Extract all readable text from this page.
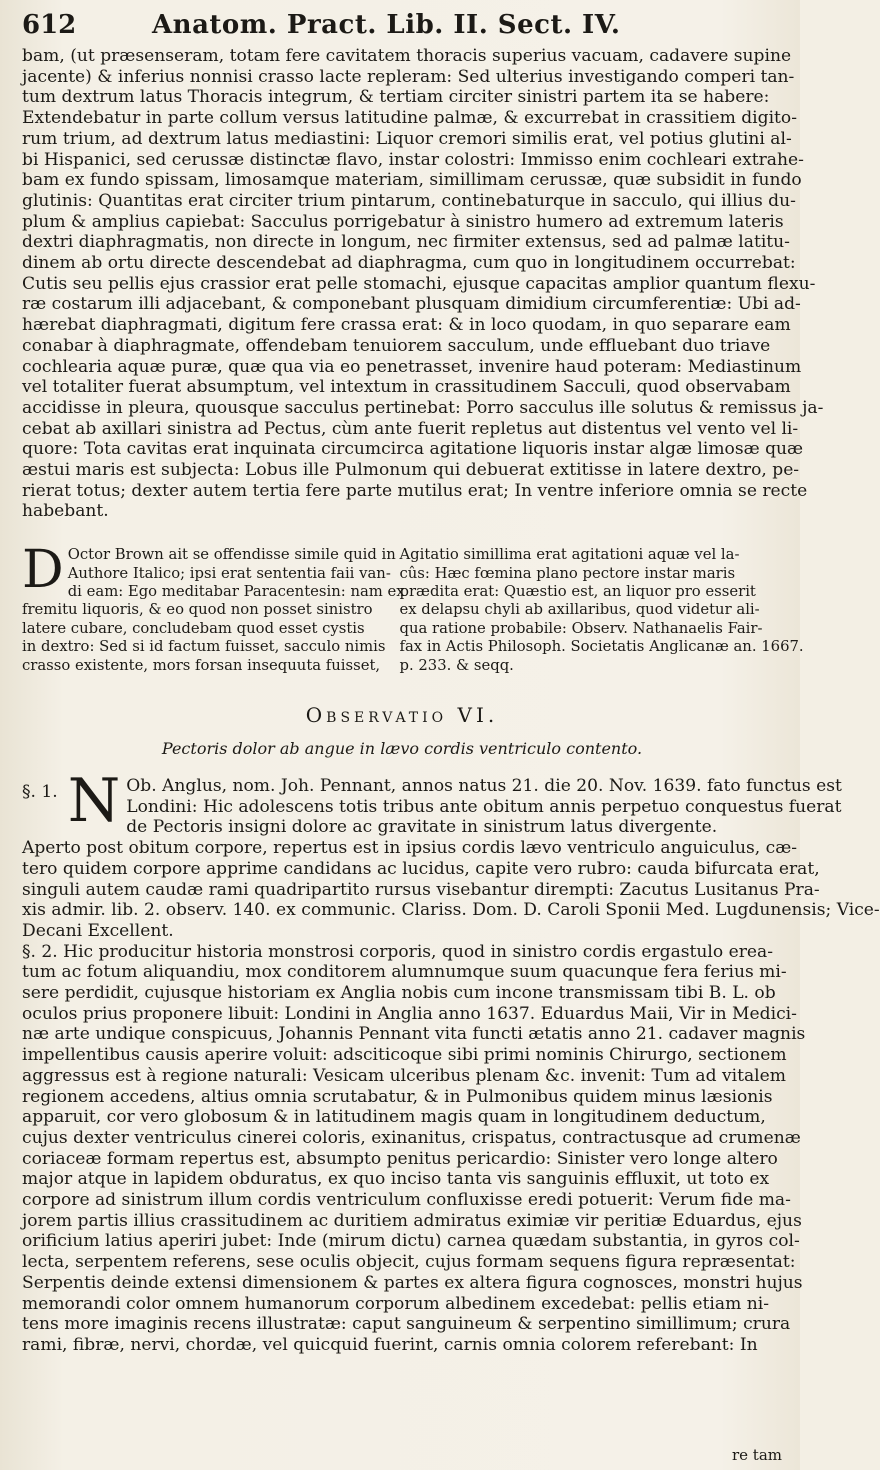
612	Anatom. Pract. Lib. II. Sect. IV.
bam, (ut præsenseram, totam fere cavitatem thoracis superius vacuam, cadavere supine
jacente) & inferius nonnisi crasso lacte repleram: Sed ulterius investigando comperi tan-
tum dextrum latus Thoracis integrum, & tertiam circiter sinistri partem ita se habere:
Extendebatur in parte collum versus latitudine palmæ, & excurrebat in crassitiem digito-
rum trium, ad dextrum latus mediastini: Liquor cremori similis erat, vel potius glutini al-
bi Hispanici, sed cerussæ distinctæ flavo, instar colostri: Immisso enim cochleari extrahe-
bam ex fundo spissam, limosamque materiam, simillimam cerussæ, quæ subsidit in fundo
glutinis: Quantitas erat circiter trium pintarum, continebaturque in sacculo, qui illius du-
plum & amplius capiebat: Sacculus porrigebatur à sinistro humero ad extremum lateris
dextri diaphragmatis, non directe in longum, nec firmiter extensus, sed ad palmæ latitu-
dinem ab ortu directe descendebat ad diaphragma, cum quo in longitudinem occurrebat:
Cutis seu pellis ejus crassior erat pelle stomachi, ejusque capacitas amplior quantum flexu-
ræ costarum illi adjacebant, & componebant plusquam dimidium circumferentiæ: Ubi ad-
hærebat diaphragmati, digitum fere crassa erat: & in loco quodam, in quo separare eam
conabar à diaphragmate, offendebam tenuiorem sacculum, unde effluebant duo triave
cochlearia aquæ puræ, quæ qua via eo penetrasset, invenire haud poteram: Mediastinum
vel totaliter fuerat absumptum, vel intextum in crassitudinem Sacculi, quod observabam
accidisse in pleura, quousque sacculus pertinebat: Porro sacculus ille solutus & remissus ja-
cebat ab axillari sinistra ad Pectus, cùm ante fuerit repletus aut distentus vel vento vel li-
quore: Tota cavitas erat inquinata circumcirca agitatione liquoris instar algæ limosæ quæ
æstui maris est subjecta: Lobus ille Pulmonum qui debuerat extitisse in latere dextro, pe-
rierat totus; dexter autem tertia fere parte mutilus erat; In ventre inferiore omnia se recte
habebant.
D Octor Brown ait se offendisse simile quid in
Authore Italico; ipsi erat sententia faii van-
di eam: Ego meditabar Paracentesin: nam ex
fremitu liquoris, & eo quod non posset sinistro
latere cubare, concludebam quod esset cystis
in dextro: Sed si id factum fuisset, sacculo nimis
crasso existente, mors forsan insequuta fuisset,
Agitatio simillima erat agitationi aquæ vel la-
cûs: Hæc fœmina plano pectore instar maris
prædita erat: Quæstio est, an liquor pro esserit
ex delapsu chyli ab axillaribus, quod videtur ali-
qua ratione probabile: Observ. Nathanaelis Fair-
fax in Actis Philosoph. Societatis Anglicanæ an. 1667.
p. 233. & seqq.
Observatio VI.
Pectoris dolor ab angue in lævo cordis ventriculo contento.
§. 1. N Ob. Anglus, nom. Joh. Pennant, annos natus 21. die 20. Nov. 1639. fato functus est
Londini: Hic adolescens totis tribus ante obitum annis perpetuo conquestus fuerat
de Pectoris insigni dolore ac gravitate in sinistrum latus divergente.
Aperto post obitum corpore, repertus est in ipsius cordis lævo ventriculo anguiculus, cæ-
tero quidem corpore apprime candidans ac lucidus, capite vero rubro: cauda bifurcata erat,
singuli autem caudæ rami quadripartito rursus visebantur dirempti: Zacutus Lusitanus Pra-
xis admir. lib. 2. observ. 140. ex communic. Clariss. Dom. D. Caroli Sponii Med. Lugdunensis; Vice-
Decani Excellent.
§. 2. Hic producitur historia monstrosi corporis, quod in sinistro cordis ergastulo erea-
tum ac fotum aliquandiu, mox conditorem alumnumque suum quacunque fera ferius mi-
sere perdidit, cujusque historiam ex Anglia nobis cum incone transmissam tibi B. L. ob
oculos prius proponere libuit: Londini in Anglia anno 1637. Eduardus Maii, Vir in Medici-
næ arte undique conspicuus, Johannis Pennant vita functi ætatis anno 21. cadaver magnis
impellentibus causis aperire voluit: adsciticoque sibi primi nominis Chirurgo, sectionem
aggressus est à regione naturali: Vesicam ulceribus plenam &c. invenit: Tum ad vitalem
regionem accedens, altius omnia scrutabatur, & in Pulmonibus quidem minus læsionis
apparuit, cor vero globosum & in latitudinem magis quam in longitudinem deductum,
cujus dexter ventriculus cinerei coloris, exinanitus, crispatus, contractusque ad crumenæ
coriaceæ formam repertus est, absumpto penitus pericardio: Sinister vero longe altero
major atque in lapidem obduratus, ex quo inciso tanta vis sanguinis effluxit, ut toto ex
corpore ad sinistrum illum cordis ventriculum confluxisse eredi potuerit: Verum fide ma-
jorem partis illius crassitudinem ac duritiem admiratus eximiæ vir peritiæ Eduardus, ejus
orificium latius aperiri jubet: Inde (mirum dictu) carnea quædam substantia, in gyros col-
lecta, serpentem referens, sese oculis objecit, cujus formam sequens figura repræsentat:
Serpentis deinde extensi dimensionem & partes ex altera figura cognosces, monstri hujus
memorandi color omnem humanorum corporum albedinem excedebat: pellis etiam ni-
tens more imaginis recens illustratæ: caput sanguineum & serpentino simillimum; crura
rami, fibræ, nervi, chordæ, vel quicquid fuerint, carnis omnia colorem referebant: In
re tam
